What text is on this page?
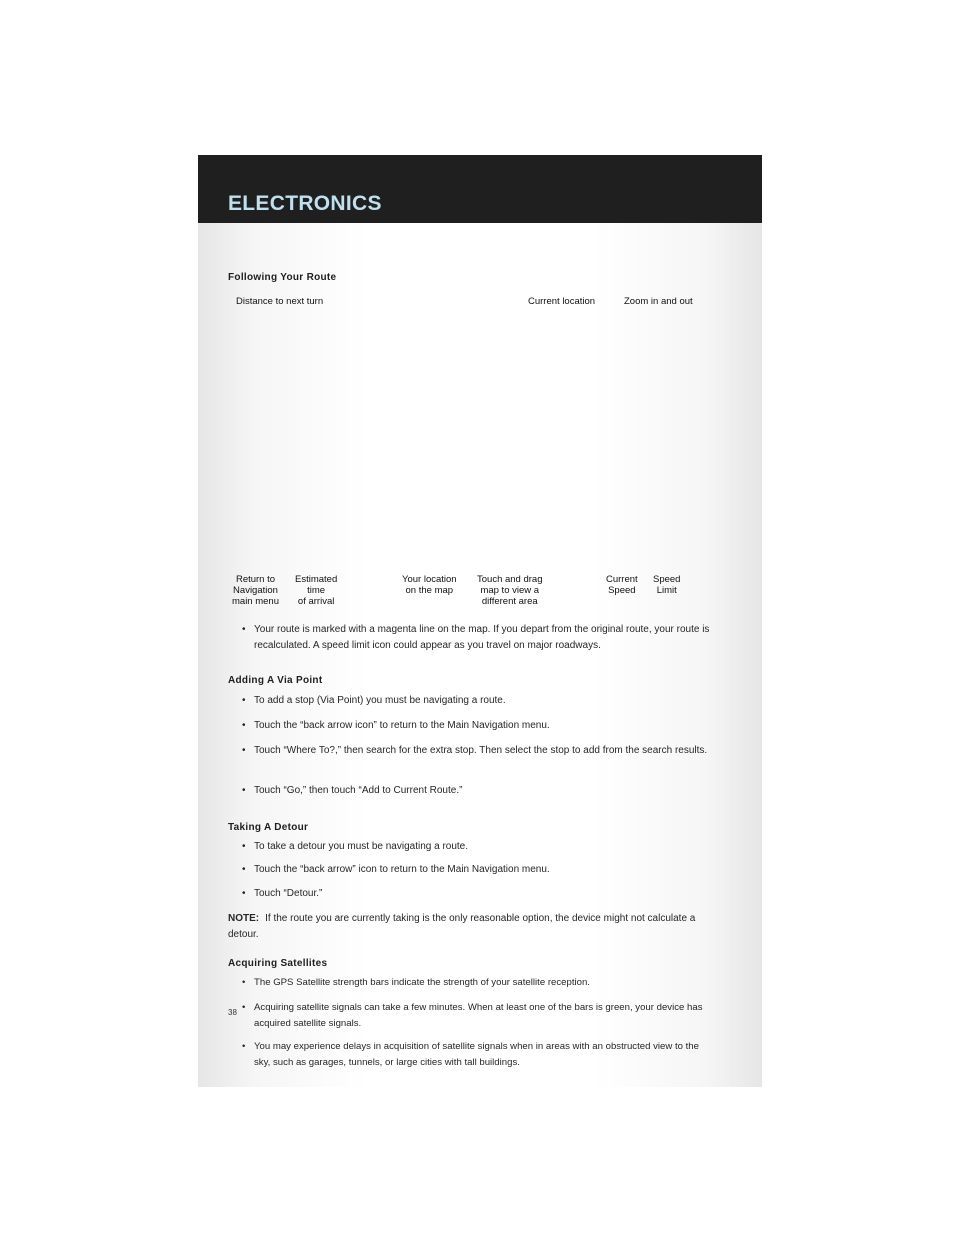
ELECTRONICS
Following Your Route
Distance to next turn	Current location	Zoom in and out
Return to
Navigation
main menu
Estimated
time
of arrival
Your location
on the map
Touch and drag
map to view a
different area
Current
Speed
Speed
Limit
• Your route is marked with a magenta line on the map. If you depart from the original route, your route is recalculated. A speed limit icon could appear as you travel on major roadways.
Adding A Via Point
• To add a stop (Via Point) you must be navigating a route.
• Touch the “back arrow icon” to return to the Main Navigation menu.
• Touch “Where To?,” then search for the extra stop. Then select the stop to add from the search results.
• Touch “Go,” then touch “Add to Current Route.”
Taking A Detour
• To take a detour you must be navigating a route.
• Touch the “back arrow” icon to return to the Main Navigation menu.
• Touch “Detour.”
NOTE: If the route you are currently taking is the only reasonable option, the device might not calculate a detour.
Acquiring Satellites
• The GPS Satellite strength bars indicate the strength of your satellite reception.
• Acquiring satellite signals can take a few minutes. When at least one of the bars is green, your device has acquired satellite signals.
• You may experience delays in acquisition of satellite signals when in areas with an obstructed view to the sky, such as garages, tunnels, or large cities with tall buildings.
38
